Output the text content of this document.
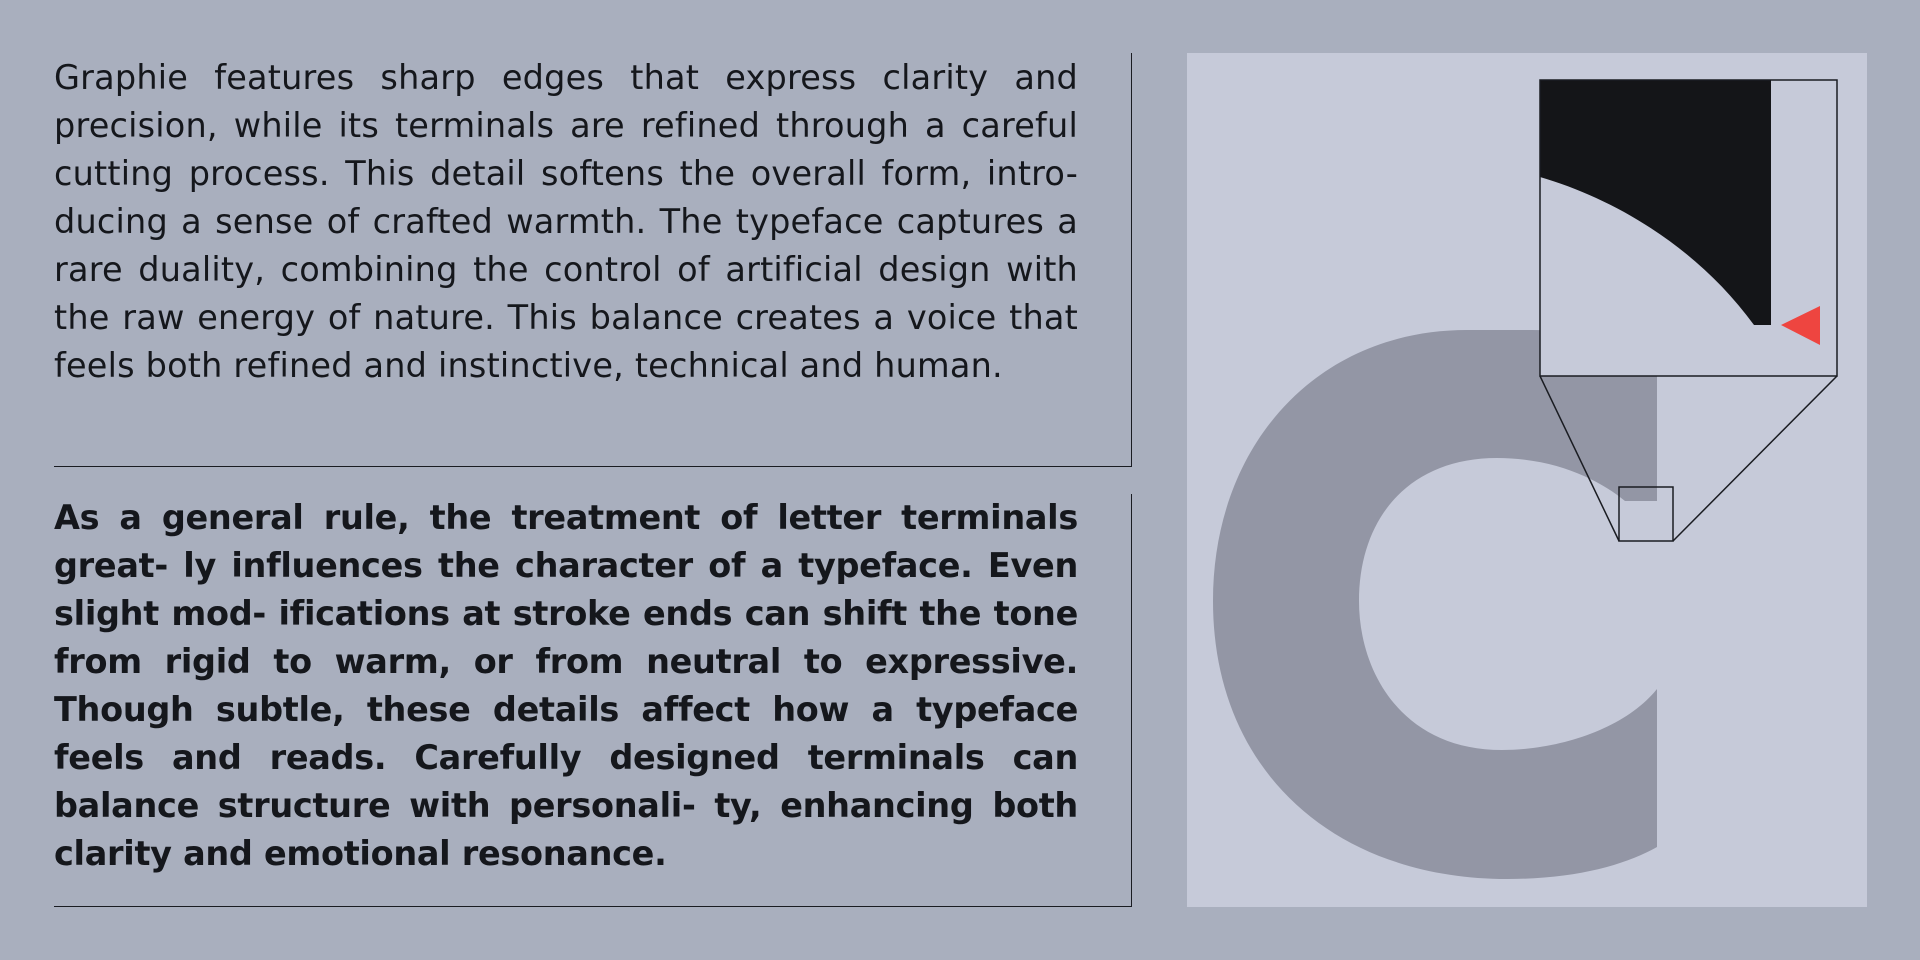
Graphie features sharp edges that express clarity and precision, while its terminals are refined through a careful cutting process. This detail softens the overall form, intro- ducing a sense of crafted warmth. The typeface captures a rare duality, combining the control of artificial design with the raw energy of nature. This balance creates a voice that feels both refined and instinctive, technical and human.

As a general rule, the treatment of letter terminals great- ly influences the character of a typeface. Even slight mod- ifications at stroke ends can shift the tone from rigid to warm, or from neutral to expressive. Though subtle, these details affect how a typeface feels and reads. Carefully designed terminals can balance structure with personali- ty, enhancing both clarity and emotional resonance.
